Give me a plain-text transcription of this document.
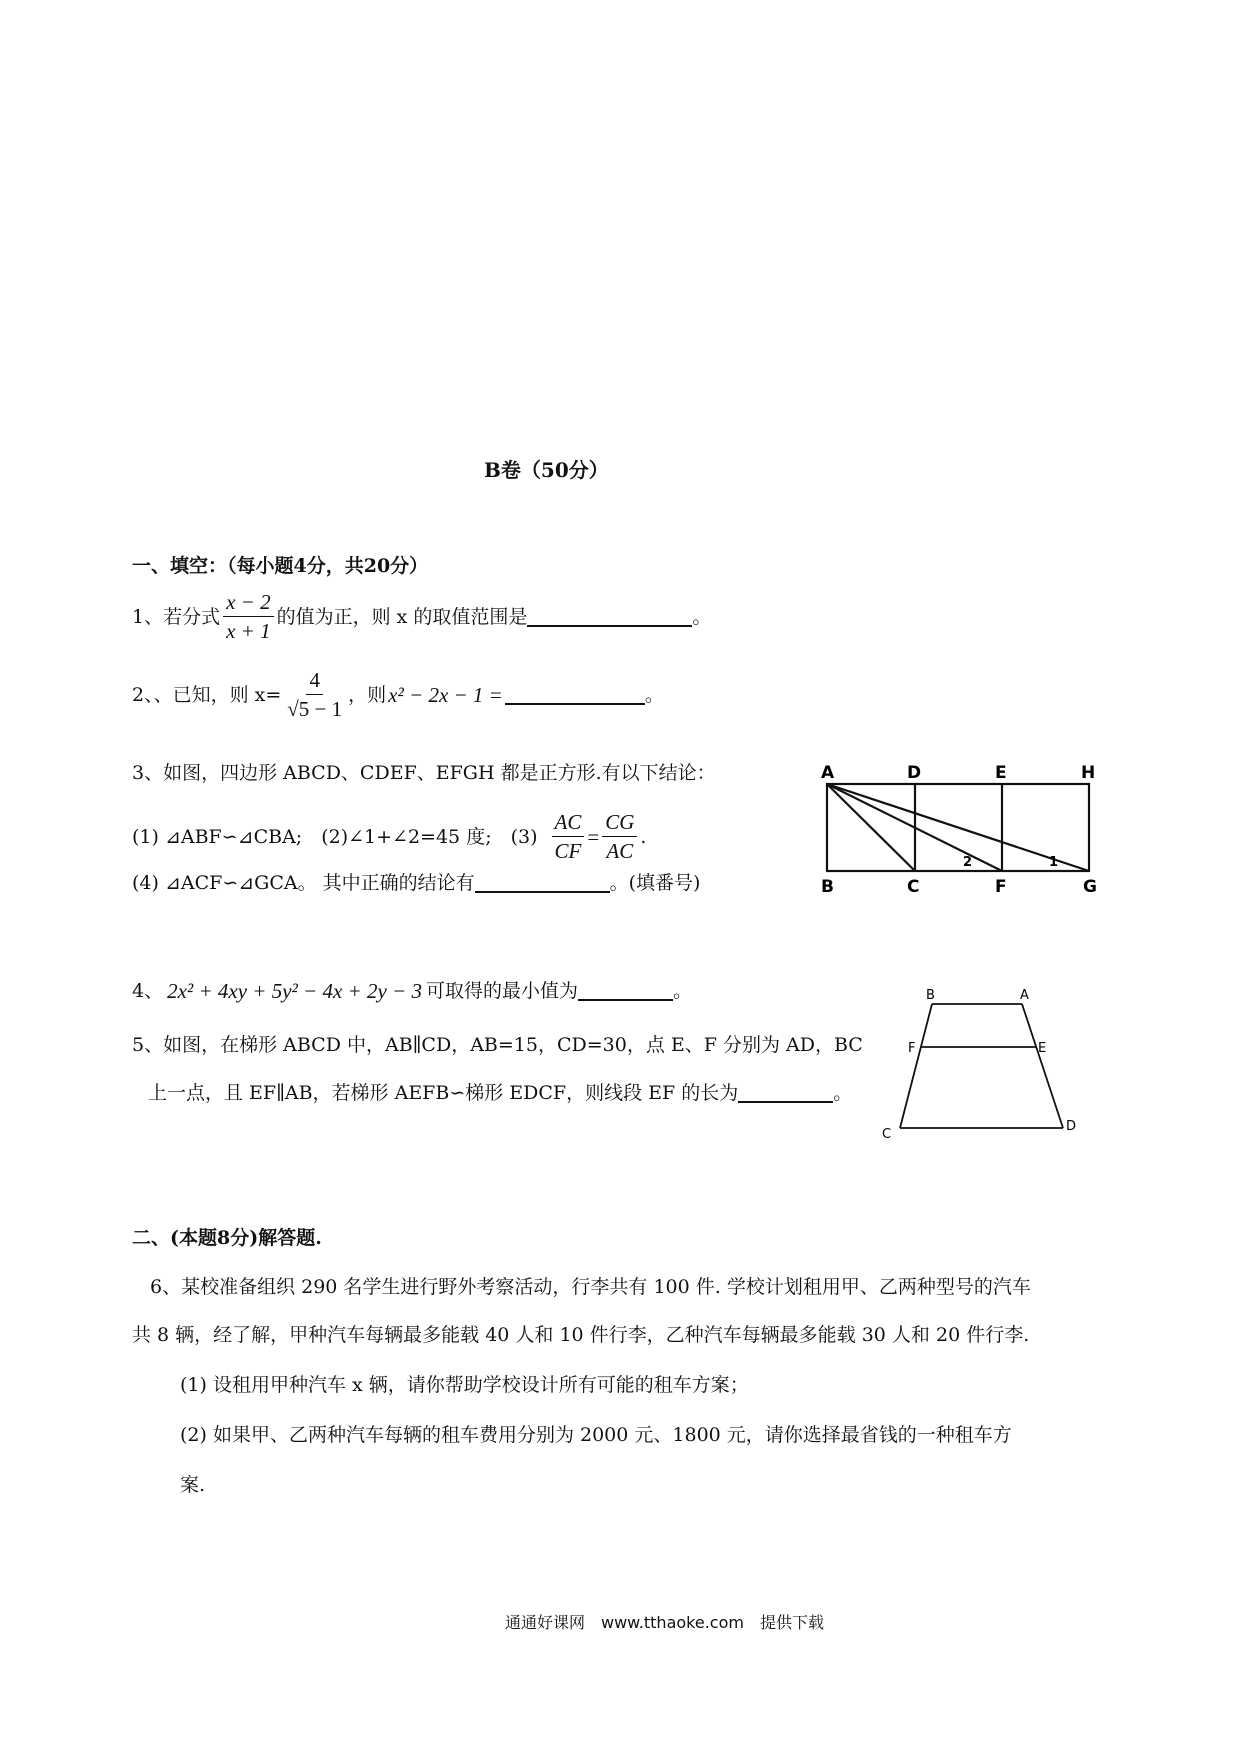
B卷（50分）
一、填空：（每小题4分，共20分）
1、若分式 $\frac{x - 2}{x + 1}$ 的值为正，则 x 的取值范围是	。
2、、已知，则 $x= \frac{4}{√5 - 1}$ ，则 x² − 2x − 1 =	。
3、如图，四边形 ABCD、CDEF、EFGH 都是正方形.有以下结论：
(1) ⊿ABF∽⊿CBA;　(2)∠1+∠2=45 度;　$(3) \frac{AC}{CF} = \frac{CG}{AC}$ .
(4) ⊿ACF∽⊿GCA。 其中正确的结论有	。(填番号)
A	D	E	H
B	C	F	G
2	1
4、 2x² + 4xy + 5y² − 4x + 2y − 3 可取得的最小值为	。
5、如图，在梯形 ABCD 中，AB∥CD，AB=15，CD=30，点 E、F 分别为 AD，BC
上一点，且 EF∥AB，若梯形 AEFB∽梯形 EDCF，则线段 EF 的长为	。
B	A
F	E
C
D
二、(本题8分)解答题.
6、某校准备组织 290 名学生进行野外考察活动，行李共有 100 件. 学校计划租用甲、乙两种型号的汽车
共 8 辆，经了解，甲种汽车每辆最多能载 40 人和 10 件行李，乙种汽车每辆最多能载 30 人和 20 件行李.
(1) 设租用甲种汽车 x 辆，请你帮助学校设计所有可能的租车方案；
(2) 如果甲、乙两种汽车每辆的租车费用分别为 2000 元、1800 元，请你选择最省钱的一种租车方
案.
通通好课网　www.tthaoke.com　提供下载
